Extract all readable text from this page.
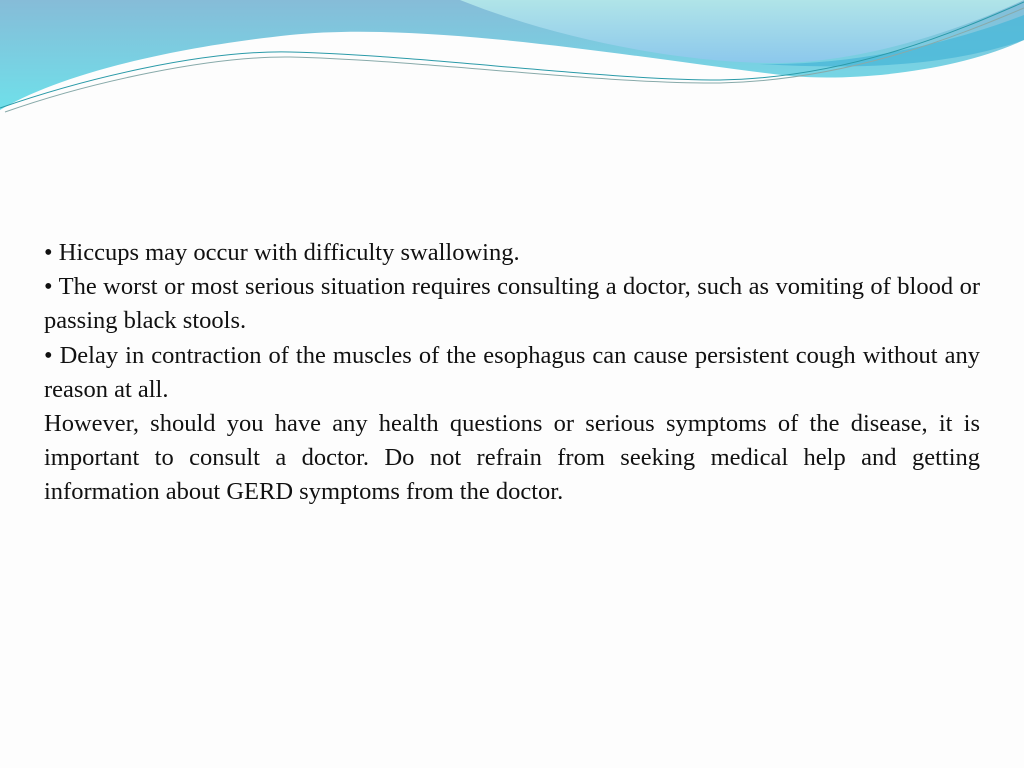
• Hiccups may occur with difficulty swallowing.

• The worst or most serious situation requires consulting a doctor, such as vomiting of blood or passing black stools.

• Delay in contraction of the muscles of the esophagus can cause persistent cough without any reason at all.

However, should you have any health questions or serious symptoms of the disease, it is important to consult a doctor. Do not refrain from seeking medical help and getting information about GERD symptoms from the doctor.
